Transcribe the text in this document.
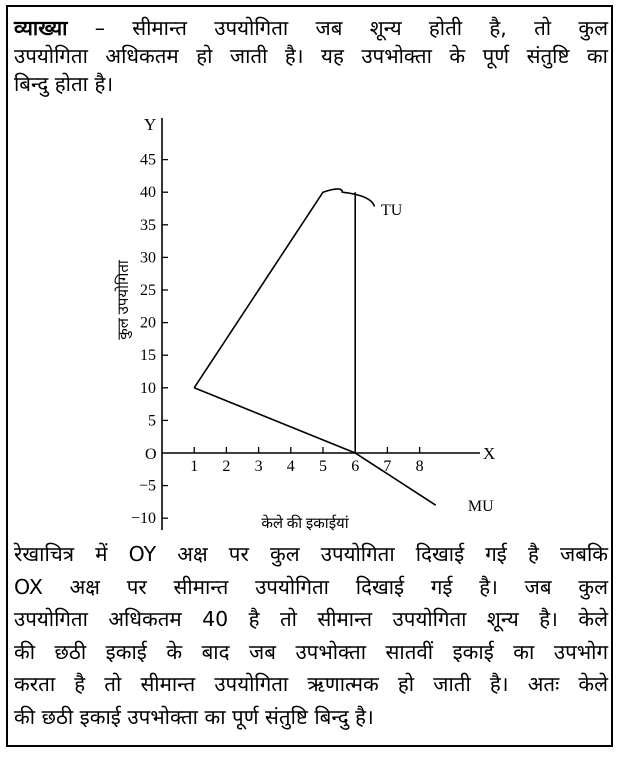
व्याख्या – सीमान्त उपयोगिता जब शून्य होती है, तो कुल
उपयोगिता अधिकतम हो जाती है। यह उपभोक्ता के पूर्ण संतुष्टि का
बिन्दु होता है।
Y
X
O
45
40
35
30
25
20
15
10
5
−5
−10
1 2 3 4 5 6 7 8
TU
MU
केले की इकाईयां
कुल उपयोगिता
रेखाचित्र में OY अक्ष पर कुल उपयोगिता दिखाई गई है जबकि
OX अक्ष पर सीमान्त उपयोगिता दिखाई गई है। जब कुल
उपयोगिता अधिकतम 40 है तो सीमान्त उपयोगिता शून्य है। केले
की छठी इकाई के बाद जब उपभोक्ता सातवीं इकाई का उपभोग
करता है तो सीमान्त उपयोगिता ऋणात्मक हो जाती है। अतः केले
की छठी इकाई उपभोक्ता का पूर्ण संतुष्टि बिन्दु है।
